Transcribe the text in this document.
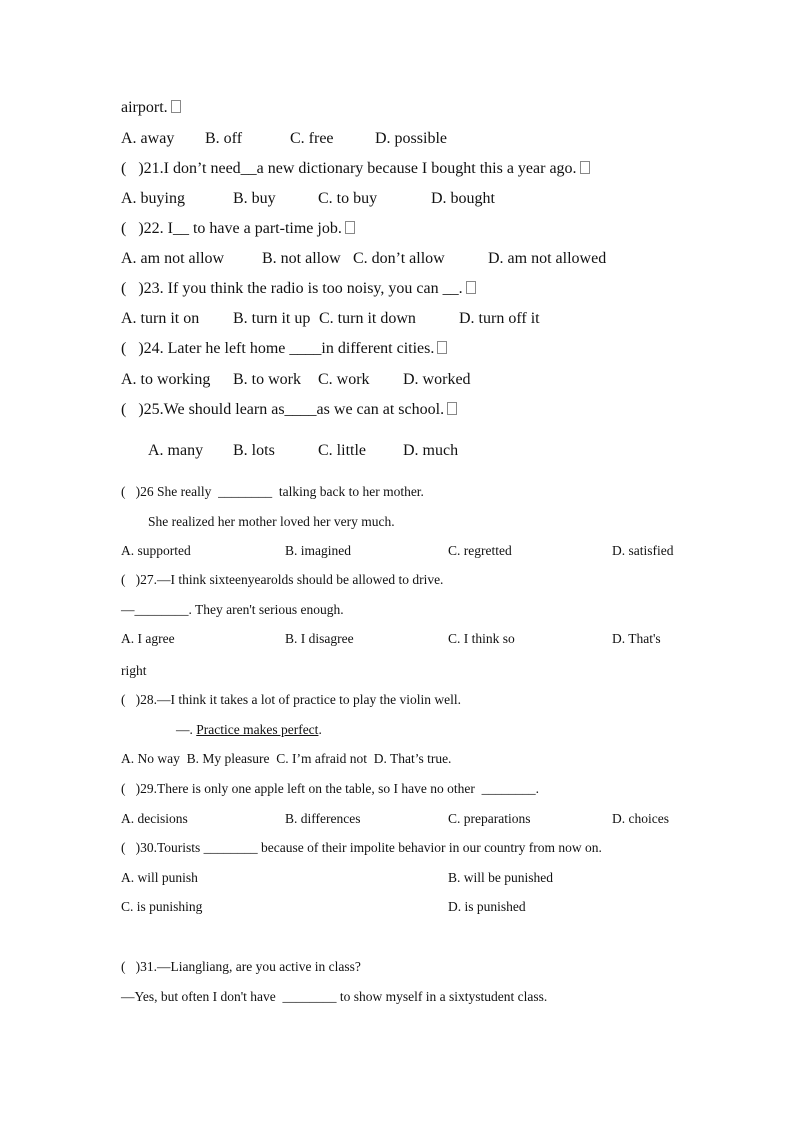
airport.
A. away B. off	C. free	D. possible
(   )21.I don’t need__a new dictionary because I bought this a year ago.
A. buying	B. buy	C. to buy	D. bought
(   )22. I__ to have a part-time job.
A. am not allow B. not allow C. don’t allow	D. am not allowed
(   )23. If you think the radio is too noisy, you can __.
A. turn it on B. turn it up C. turn it down	D. turn off it
(   )24. Later he left home ____in different cities.
A. to working B. to work C. work D. worked
(   )25.We should learn as____as we can at school.
A. many B. lots	C. little D. much
(   )26 She really  ________  talking back to her mother.
She realized her mother loved her very much.
A. supported	B. imagined	C. regretted	D. satisfied
(   )27.—I think sixteenyearolds should be allowed to drive.
—________. They aren't serious enough.
A. I agree	B. I disagree	C. I think so	D. That's
right
(   )28.—I think it takes a lot of practice to play the violin well.
—. Practice makes perfect.
A. No way  B. My pleasure  C. I’m afraid not  D. That’s true.
(   )29.There is only one apple left on the table, so I have no other  ________.
A. decisions	B. differences	C. preparations	D. choices
(   )30.Tourists ________ because of their impolite behavior in our country from now on.
A. will punish	B. will be punished
C. is punishing	D. is punished
(   )31.—Liangliang, are you active in class?
—Yes, but often I don't have  ________ to show myself in a sixtystudent class.
